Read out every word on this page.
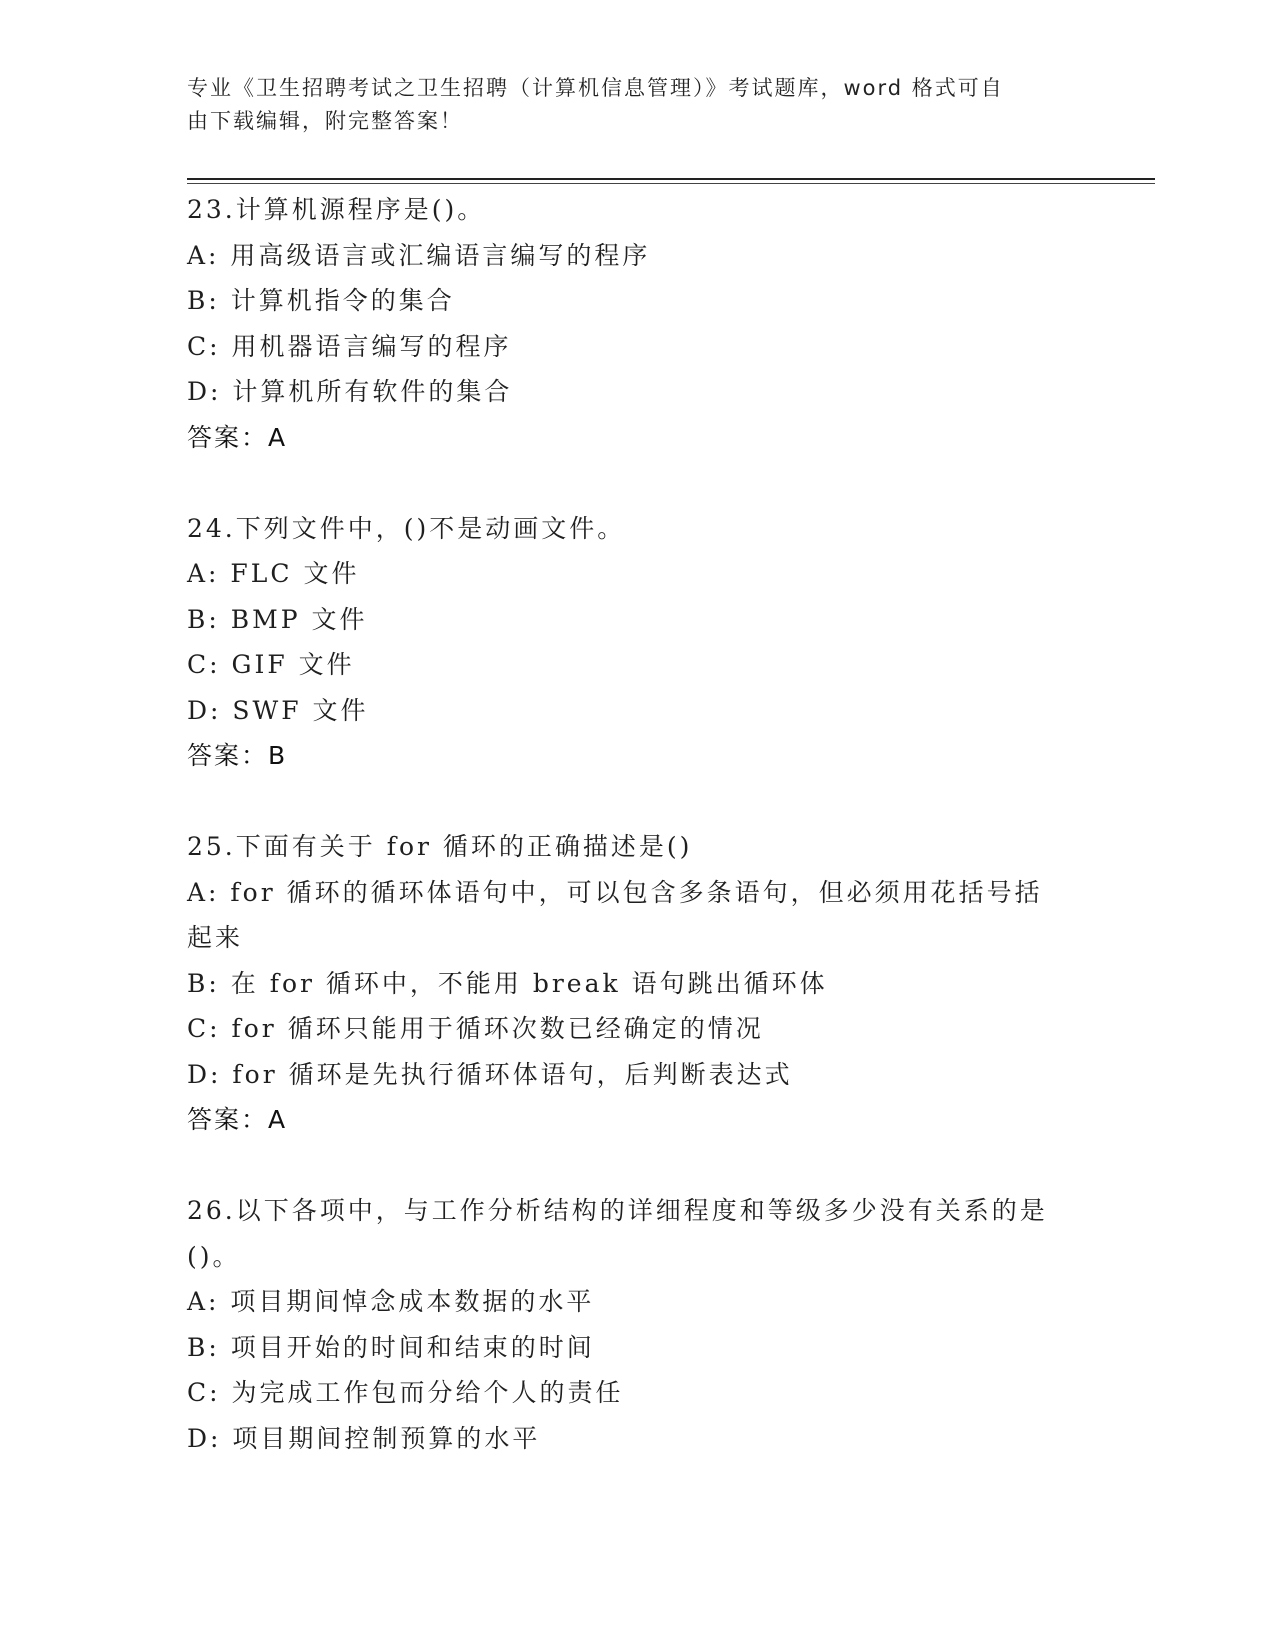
专业《卫生招聘考试之卫生招聘（计算机信息管理）》考试题库，word 格式可自
由下载编辑，附完整答案！
23.计算机源程序是()。
A: 用高级语言或汇编语言编写的程序
B: 计算机指令的集合
C: 用机器语言编写的程序
D: 计算机所有软件的集合
答案：A
24.下列文件中，()不是动画文件。
A: FLC 文件
B: BMP 文件
C: GIF 文件
D: SWF 文件
答案：B
25.下面有关于 for 循环的正确描述是()
A: for 循环的循环体语句中，可以包含多条语句，但必须用花括号括
起来
B: 在 for 循环中，不能用 break 语句跳出循环体
C: for 循环只能用于循环次数已经确定的情况
D: for 循环是先执行循环体语句，后判断表达式
答案：A
26.以下各项中，与工作分析结构的详细程度和等级多少没有关系的是
()。
A: 项目期间悼念成本数据的水平
B: 项目开始的时间和结束的时间
C: 为完成工作包而分给个人的责任
D: 项目期间控制预算的水平
